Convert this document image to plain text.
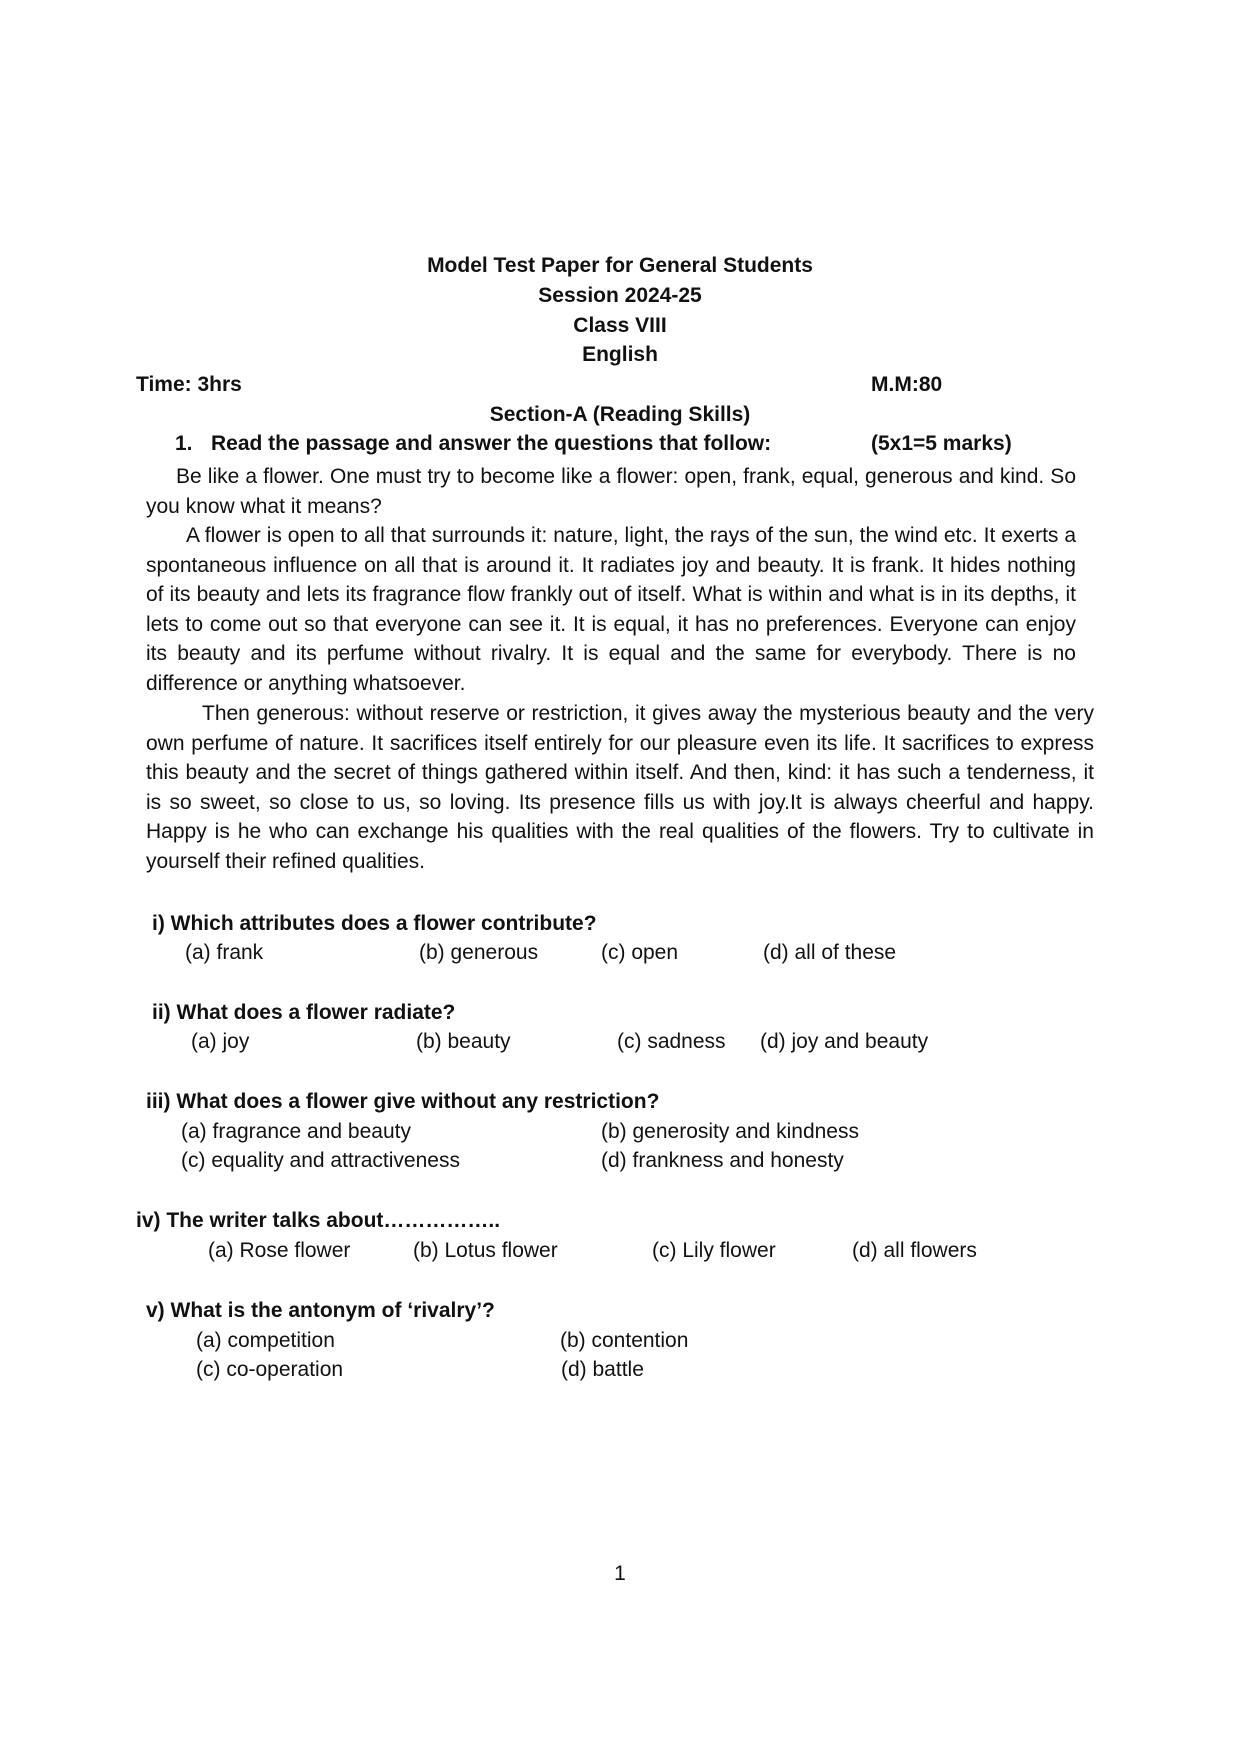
Model Test Paper for General Students
Session 2024-25
Class VIII
English
Time: 3hrs	M.M:80
Section-A (Reading Skills)
1. Read the passage and answer the questions that follow:	(5x1=5 marks)
Be like a flower. One must try to become like a flower: open, frank, equal, generous and kind. So you know what it means?
A flower is open to all that surrounds it: nature, light, the rays of the sun, the wind etc. It exerts a spontaneous influence on all that is around it. It radiates joy and beauty. It is frank. It hides nothing of its beauty and lets its fragrance flow frankly out of itself. What is within and what is in its depths, it lets to come out so that everyone can see it. It is equal, it has no preferences. Everyone can enjoy its beauty and its perfume without rivalry. It is equal and the same for everybody. There is no difference or anything whatsoever.
Then generous: without reserve or restriction, it gives away the mysterious beauty and the very own perfume of nature. It sacrifices itself entirely for our pleasure even its life. It sacrifices to express this beauty and the secret of things gathered within itself. And then, kind: it has such a tenderness, it is so sweet, so close to us, so loving. Its presence fills us with joy.It is always cheerful and happy. Happy is he who can exchange his qualities with the real qualities of the flowers. Try to cultivate in yourself their refined qualities.
i) Which attributes does a flower contribute?
(a) frank	(b) generous	(c) open	(d) all of these
ii) What does a flower radiate?
(a) joy	(b) beauty	(c) sadness (d) joy and beauty
iii) What does a flower give without any restriction?
(a) fragrance and beauty	(b) generosity and kindness
(c) equality and attractiveness	(d) frankness and honesty
iv) The writer talks about……………..
(a) Rose flower	(b) Lotus flower	(c) Lily flower	(d) all flowers
v) What is the antonym of ‘rivalry’?
(a) competition	(b) contention
(c) co-operation	(d) battle
1
